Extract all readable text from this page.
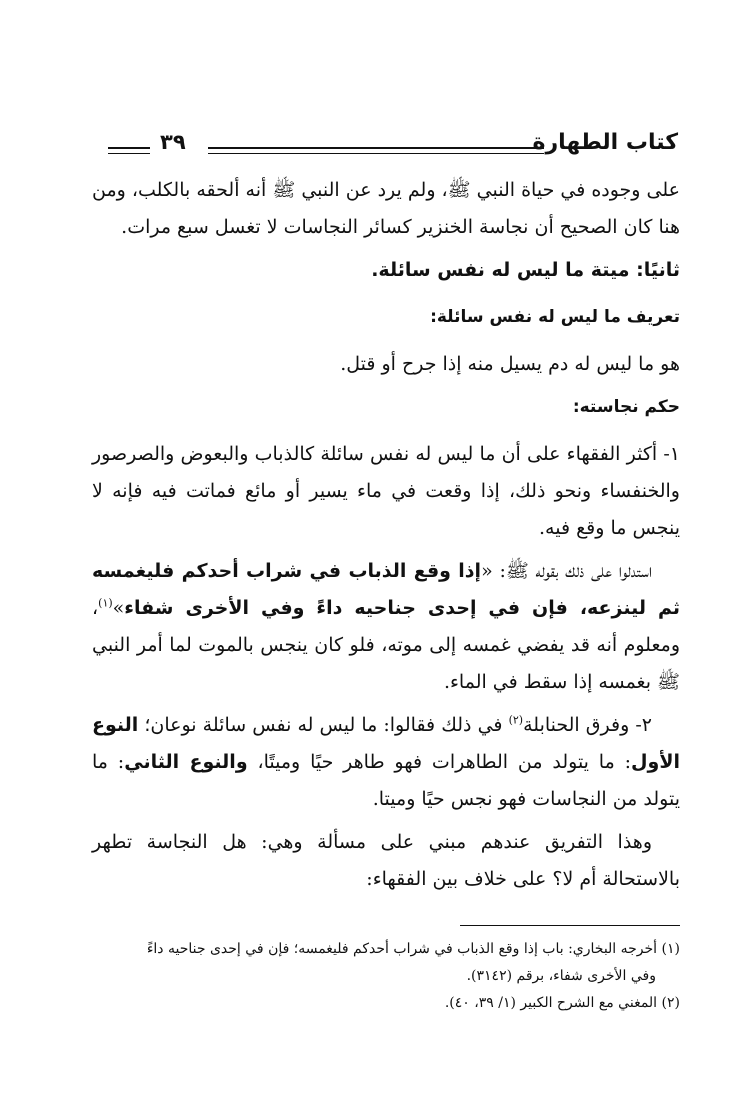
كتاب الطهارة
٣٩

على وجوده في حياة النبي ﷺ، ولم يرد عن النبي ﷺ أنه ألحقه بالكلب، ومن هنا كان الصحيح أن نجاسة الخنزير كسائر النجاسات لا تغسل سبع مرات.

ثانيًا: ميتة ما ليس له نفس سائلة.

تعريف ما ليس له نفس سائلة:

هو ما ليس له دم يسيل منه إذا جرح أو قتل.

حكم نجاسته:

١- أكثر الفقهاء على أن ما ليس له نفس سائلة كالذباب والبعوض والصرصور والخنفساء ونحو ذلك، إذا وقعت في ماء يسير أو مائع فماتت فيه فإنه لا ينجس ما وقع فيه.

استدلوا على ذلك بقوله ﷺ: «إذا وقع الذباب في شراب أحدكم فليغمسه ثم لينزعه، فإن في إحدى جناحيه داءً وفي الأخرى شفاء»$^{(١)}$، ومعلوم أنه قد يفضي غمسه إلى موته، فلو كان ينجس بالموت لما أمر النبي ﷺ بغمسه إذا سقط في الماء.

٢- وفرق الحنابلة$^{(٢)}$ في ذلك فقالوا: ما ليس له نفس سائلة نوعان؛ النوع الأول: ما يتولد من الطاهرات فهو طاهر حيًا وميتًا، والنوع الثاني: ما يتولد من النجاسات فهو نجس حيًا وميتا.

وهذا التفريق عندهم مبني على مسألة وهي: هل النجاسة تطهر بالاستحالة أم لا؟ على خلاف بين الفقهاء:

(١) أخرجه البخاري: باب إذا وقع الذباب في شراب أحدكم فليغمسه؛ فإن في إحدى جناحيه داءً

وفي الأخرى شفاء، برقم (٣١٤٢).

(٢) المغني مع الشرح الكبير (١/ ٣٩، ٤٠).
